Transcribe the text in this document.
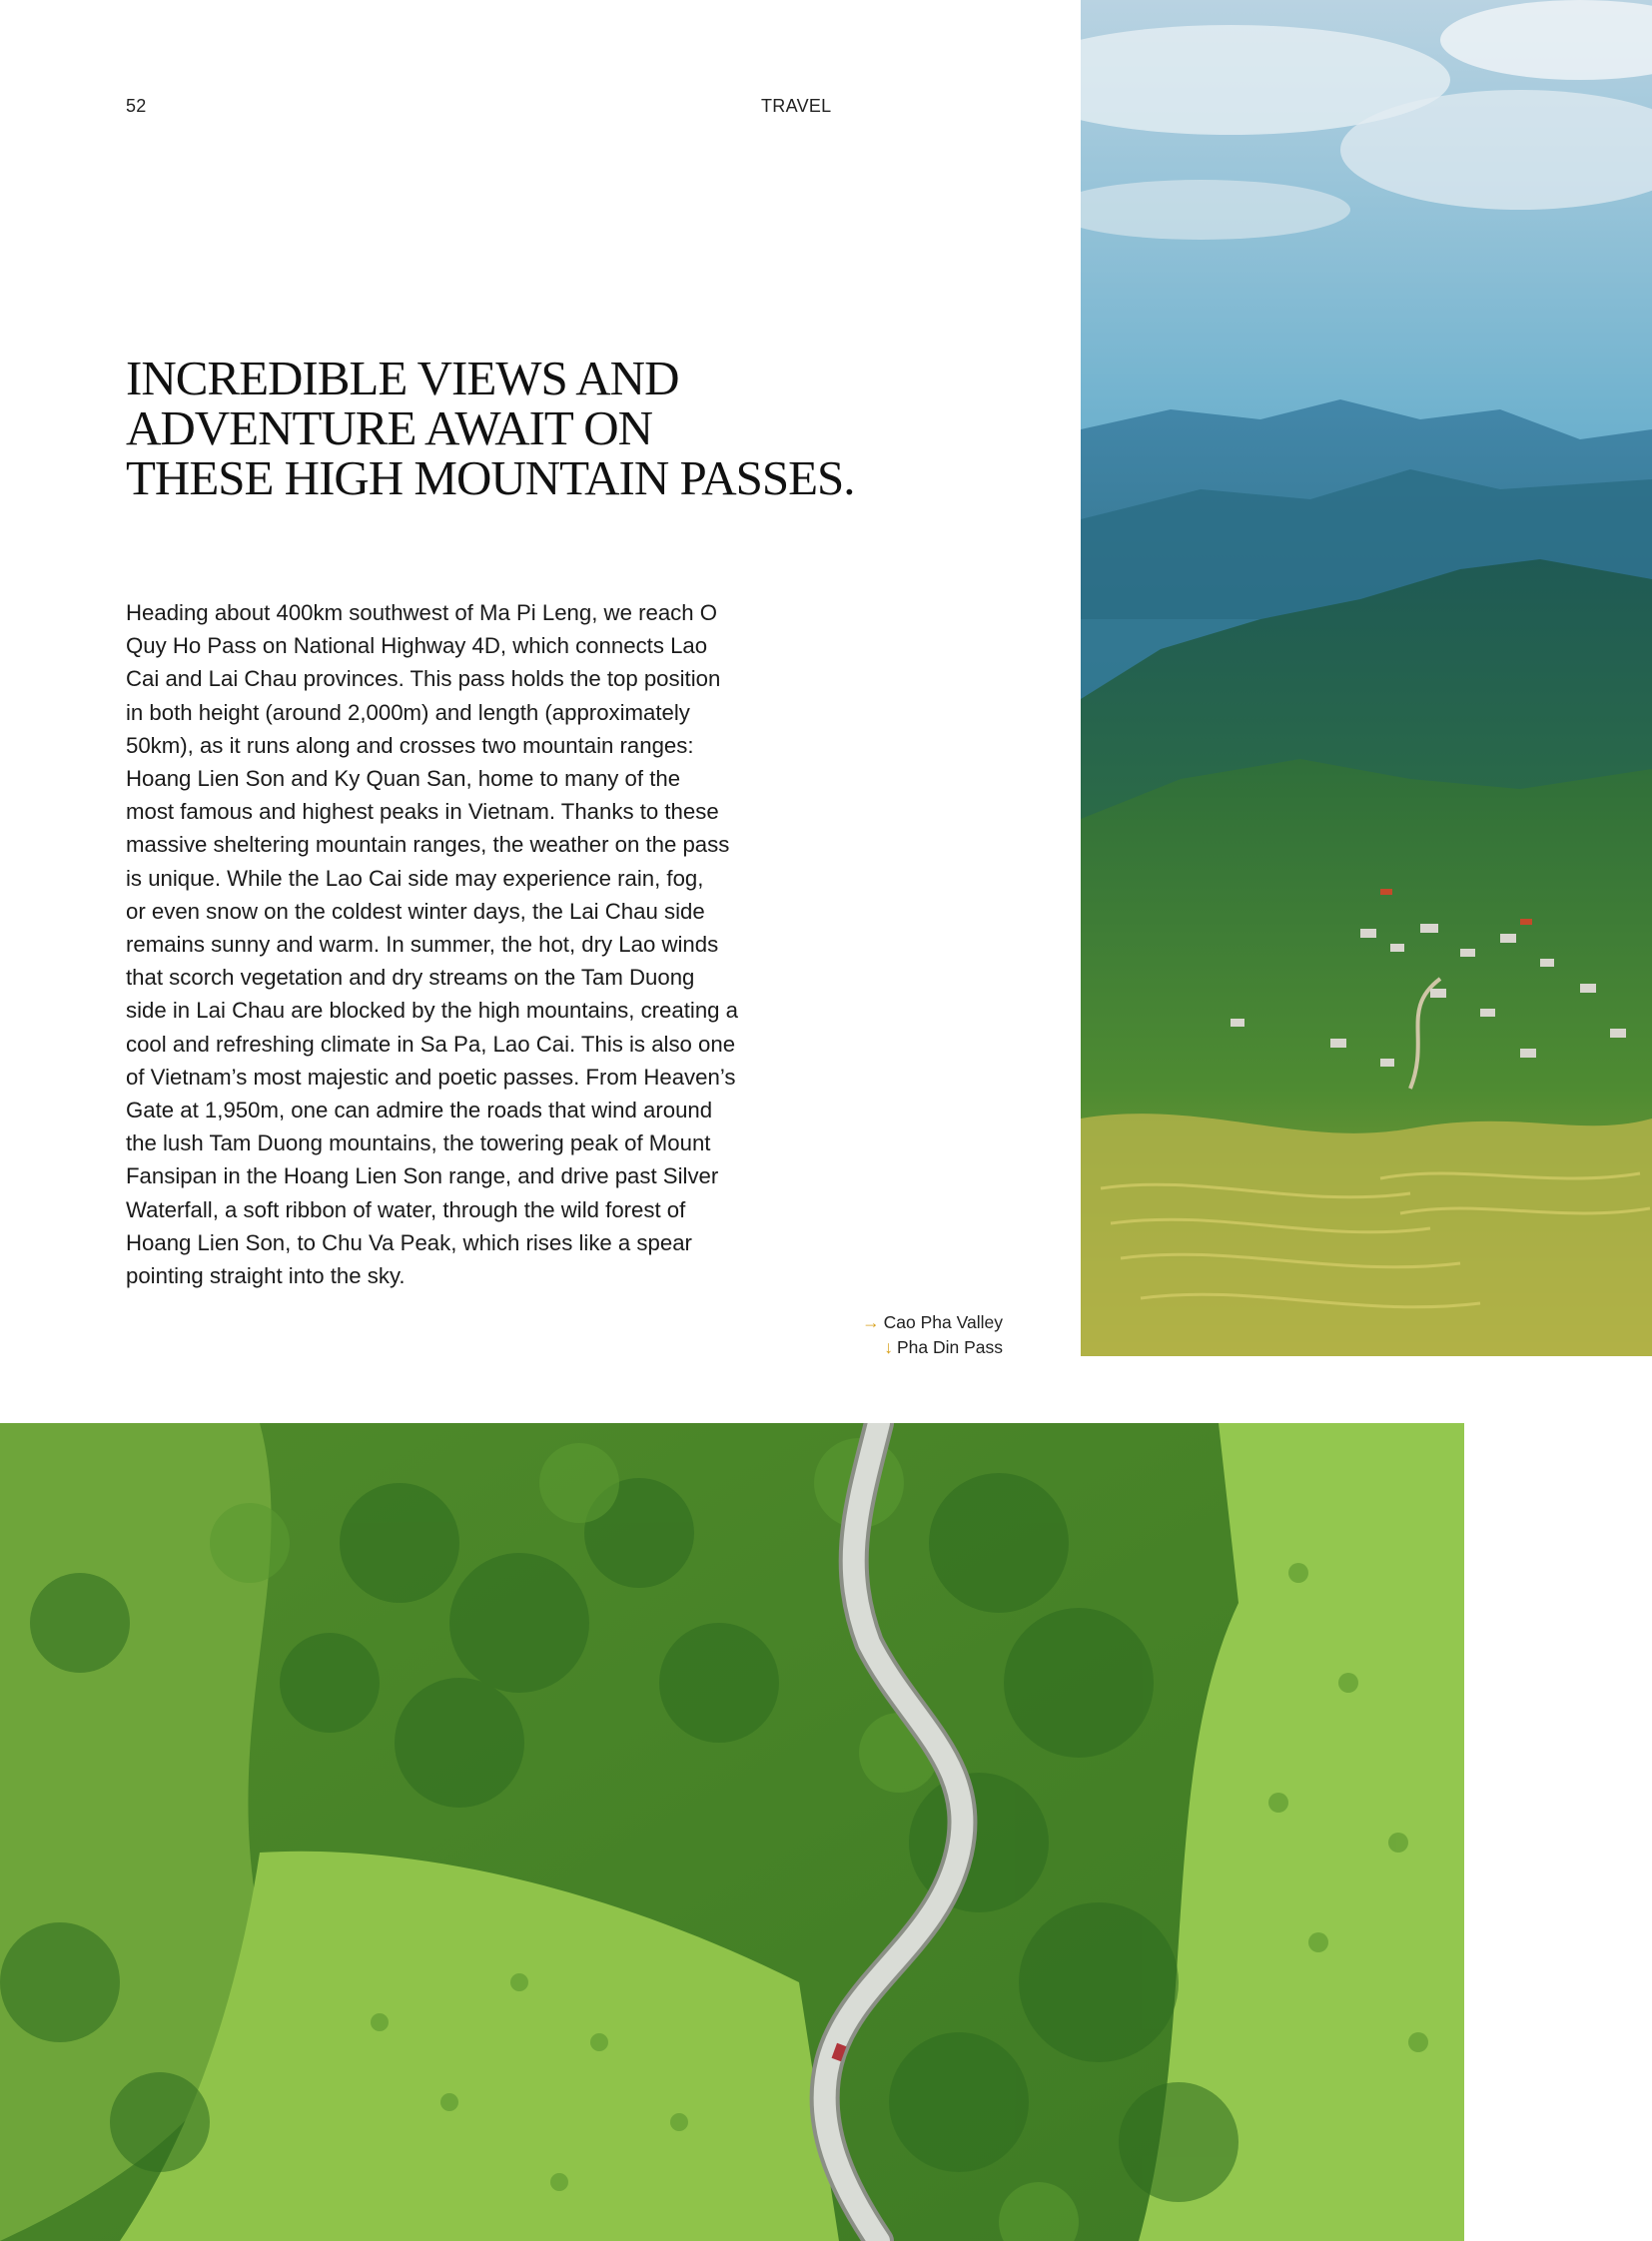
52	TRAVEL
INCREDIBLE VIEWS AND
ADVENTURE AWAIT ON
THESE HIGH MOUNTAIN PASSES.

Heading about 400km southwest of Ma Pi Leng, we reach O
Quy Ho Pass on National Highway 4D, which connects Lao
Cai and Lai Chau provinces. This pass holds the top position
in both height (around 2,000m) and length (approximately
50km), as it runs along and crosses two mountain ranges:
Hoang Lien Son and Ky Quan San, home to many of the
most famous and highest peaks in Vietnam. Thanks to these
massive sheltering mountain ranges, the weather on the pass
is unique. While the Lao Cai side may experience rain, fog,
or even snow on the coldest winter days, the Lai Chau side
remains sunny and warm. In summer, the hot, dry Lao winds
that scorch vegetation and dry streams on the Tam Duong
side in Lai Chau are blocked by the high mountains, creating a
cool and refreshing climate in Sa Pa, Lao Cai. This is also one
of Vietnam’s most majestic and poetic passes. From Heaven’s
Gate at 1,950m, one can admire the roads that wind around
the lush Tam Duong mountains, the towering peak of Mount
Fansipan in the Hoang Lien Son range, and drive past Silver
Waterfall, a soft ribbon of water, through the wild forest of
Hoang Lien Son, to Chu Va Peak, which rises like a spear
pointing straight into the sky.

→ Cao Pha Valley
↓ Pha Din Pass
